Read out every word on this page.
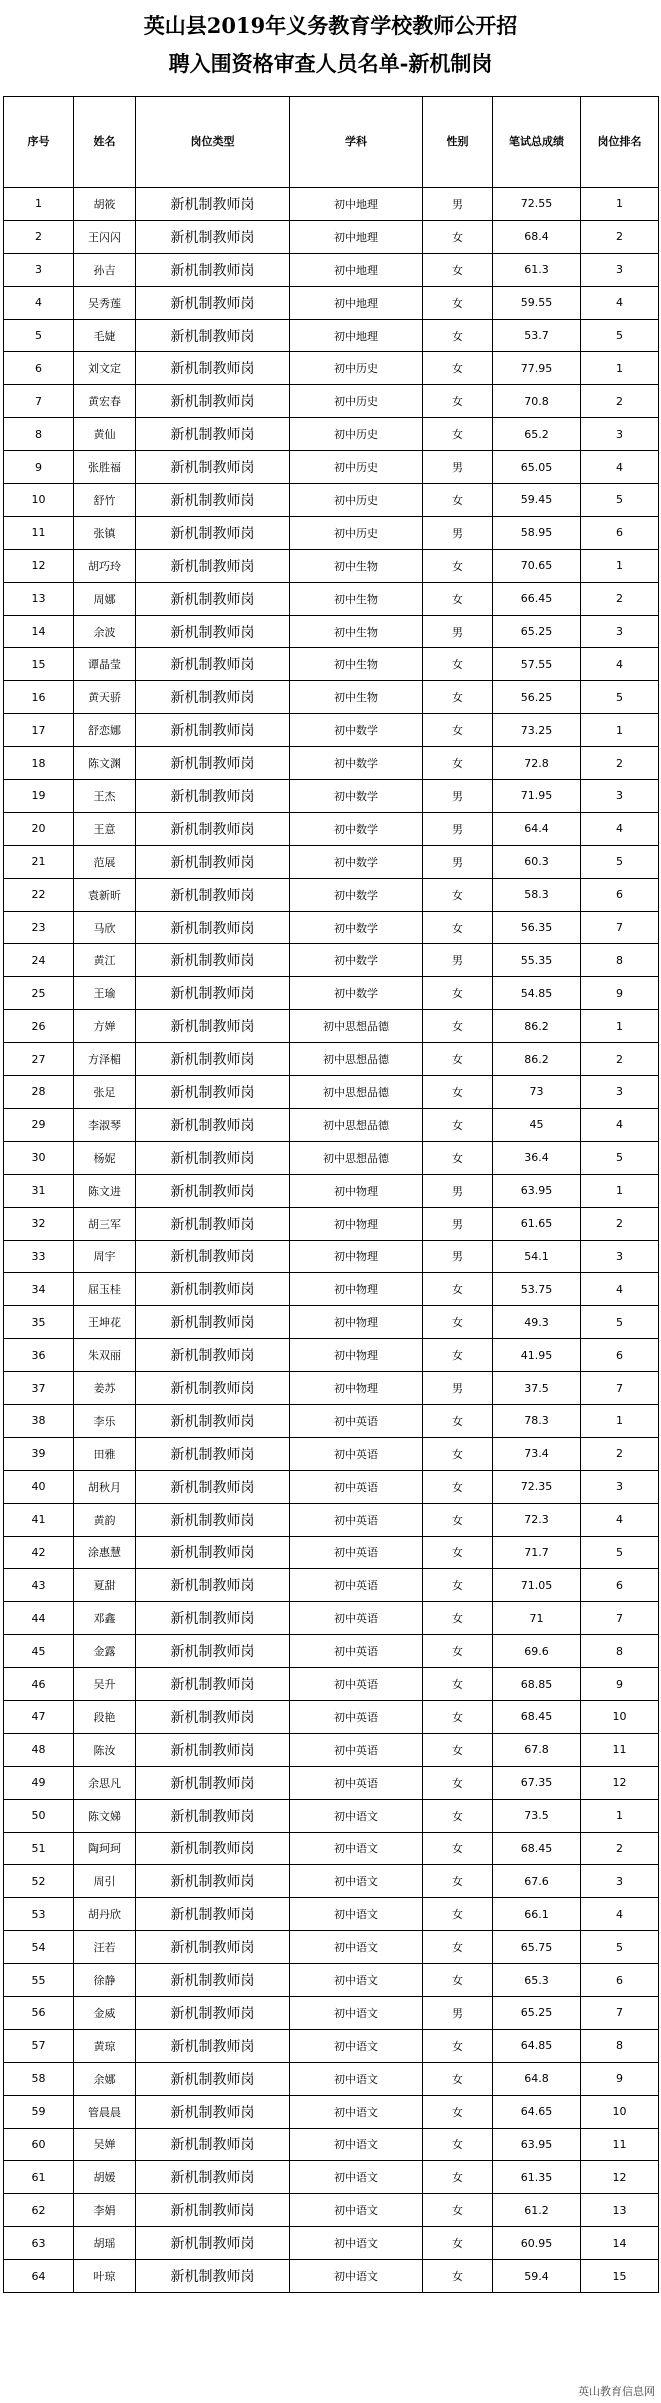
英山县2019年义务教育学校教师公开招
聘入围资格审查人员名单-新机制岗
序号	姓名	岗位类型	学科	性别	笔试总成绩	岗位排名
1	胡筱	新机制教师岗	初中地理	男	72.55	1
2	王闪闪	新机制教师岗	初中地理	女	68.4	2
3	孙吉	新机制教师岗	初中地理	女	61.3	3
4	吴秀莲	新机制教师岗	初中地理	女	59.55	4
5	毛婕	新机制教师岗	初中地理	女	53.7	5
6	刘文定	新机制教师岗	初中历史	女	77.95	1
7	黄宏春	新机制教师岗	初中历史	女	70.8	2
8	黄仙	新机制教师岗	初中历史	女	65.2	3
9	张胜福	新机制教师岗	初中历史	男	65.05	4
10	舒竹	新机制教师岗	初中历史	女	59.45	5
11	张镇	新机制教师岗	初中历史	男	58.95	6
12	胡巧玲	新机制教师岗	初中生物	女	70.65	1
13	周娜	新机制教师岗	初中生物	女	66.45	2
14	余波	新机制教师岗	初中生物	男	65.25	3
15	谭晶莹	新机制教师岗	初中生物	女	57.55	4
16	黄天骄	新机制教师岗	初中生物	女	56.25	5
17	舒恋娜	新机制教师岗	初中数学	女	73.25	1
18	陈文渊	新机制教师岗	初中数学	女	72.8	2
19	王杰	新机制教师岗	初中数学	男	71.95	3
20	王意	新机制教师岗	初中数学	男	64.4	4
21	范展	新机制教师岗	初中数学	男	60.3	5
22	袁新昕	新机制教师岗	初中数学	女	58.3	6
23	马欣	新机制教师岗	初中数学	女	56.35	7
24	黄江	新机制教师岗	初中数学	男	55.35	8
25	王瑜	新机制教师岗	初中数学	女	54.85	9
26	方婵	新机制教师岗	初中思想品德	女	86.2	1
27	方泽楣	新机制教师岗	初中思想品德	女	86.2	2
28	张足	新机制教师岗	初中思想品德	女	73	3
29	李淑琴	新机制教师岗	初中思想品德	女	45	4
30	杨妮	新机制教师岗	初中思想品德	女	36.4	5
31	陈文进	新机制教师岗	初中物理	男	63.95	1
32	胡三军	新机制教师岗	初中物理	男	61.65	2
33	周宇	新机制教师岗	初中物理	男	54.1	3
34	屈玉桂	新机制教师岗	初中物理	女	53.75	4
35	王坤花	新机制教师岗	初中物理	女	49.3	5
36	朱双丽	新机制教师岗	初中物理	女	41.95	6
37	姜苏	新机制教师岗	初中物理	男	37.5	7
38	李乐	新机制教师岗	初中英语	女	78.3	1
39	田雅	新机制教师岗	初中英语	女	73.4	2
40	胡秋月	新机制教师岗	初中英语	女	72.35	3
41	黄韵	新机制教师岗	初中英语	女	72.3	4
42	涂惠慧	新机制教师岗	初中英语	女	71.7	5
43	夏甜	新机制教师岗	初中英语	女	71.05	6
44	邓鑫	新机制教师岗	初中英语	女	71	7
45	金露	新机制教师岗	初中英语	女	69.6	8
46	吴升	新机制教师岗	初中英语	女	68.85	9
47	段艳	新机制教师岗	初中英语	女	68.45	10
48	陈汝	新机制教师岗	初中英语	女	67.8	11
49	余思凡	新机制教师岗	初中英语	女	67.35	12
50	陈文娣	新机制教师岗	初中语文	女	73.5	1
51	陶珂珂	新机制教师岗	初中语文	女	68.45	2
52	周引	新机制教师岗	初中语文	女	67.6	3
53	胡丹欣	新机制教师岗	初中语文	女	66.1	4
54	汪若	新机制教师岗	初中语文	女	65.75	5
55	徐静	新机制教师岗	初中语文	女	65.3	6
56	金威	新机制教师岗	初中语文	男	65.25	7
57	黄琼	新机制教师岗	初中语文	女	64.85	8
58	余娜	新机制教师岗	初中语文	女	64.8	9
59	管晨晨	新机制教师岗	初中语文	女	64.65	10
60	吴婵	新机制教师岗	初中语文	女	63.95	11
61	胡媛	新机制教师岗	初中语文	女	61.35	12
62	李娟	新机制教师岗	初中语文	女	61.2	13
63	胡瑶	新机制教师岗	初中语文	女	60.95	14
64	叶琼	新机制教师岗	初中语文	女	59.4	15
英山教育信息网
